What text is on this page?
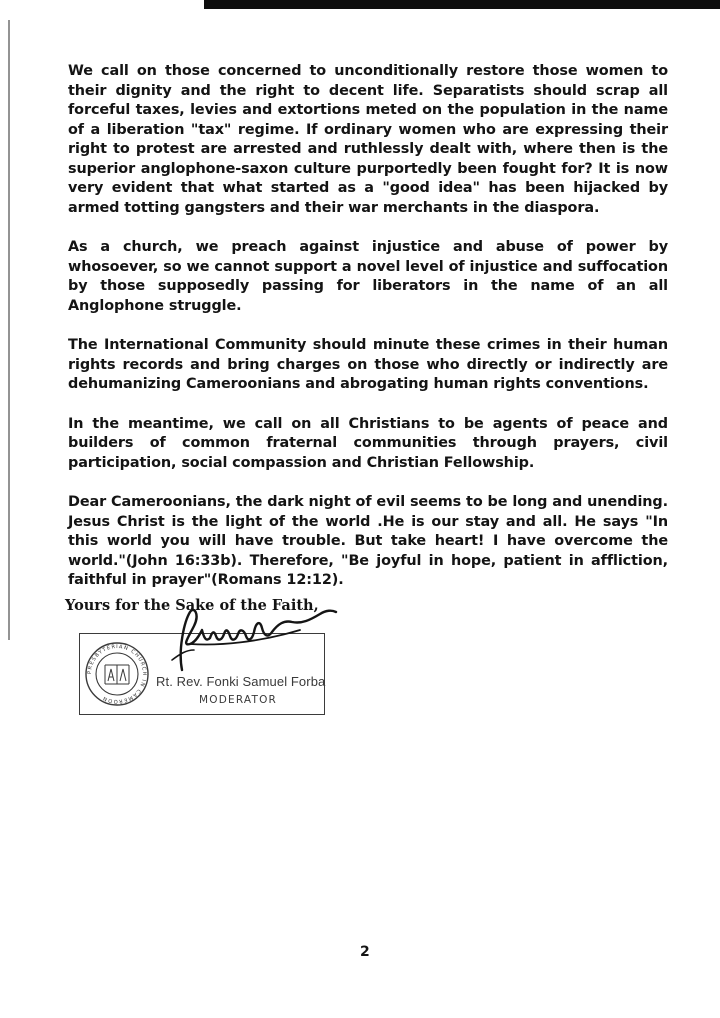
We call on those concerned to unconditionally restore those women to their dignity and the right to decent life. Separatists should scrap all forceful taxes, levies and extortions meted on the population in the name of a liberation "tax" regime. If ordinary women who are expressing their right to protest are arrested and ruthlessly dealt with, where then is the superior anglophone-saxon culture purportedly been fought for? It is now very evident that what started as a "good idea" has been hijacked by armed totting gangsters and their war merchants in the diaspora.

As a church, we preach against injustice and abuse of power by whosoever, so we cannot support a novel level of injustice and suffocation by those supposedly passing for liberators in the name of an all Anglophone struggle.

The International Community should minute these crimes in their human rights records and bring charges on those who directly or indirectly are dehumanizing Cameroonians and abrogating human rights conventions.

In the meantime, we call on all Christians to be agents of peace and builders of common fraternal communities through prayers, civil participation, social compassion and Christian Fellowship.

Dear Cameroonians, the dark night of evil seems to be long and unending. Jesus Christ is the light of the world .He is our stay and all. He says "In this world you will have trouble. But take heart! I have overcome the world."(John 16:33b). Therefore, "Be joyful in hope, patient in affliction, faithful in prayer"(Romans 12:12).

Yours for the Sake of the Faith,
PRESBYTERIAN CHURCH IN CAMEROON
Rt. Rev. Fonki Samuel Forba
MODERATOR
2
